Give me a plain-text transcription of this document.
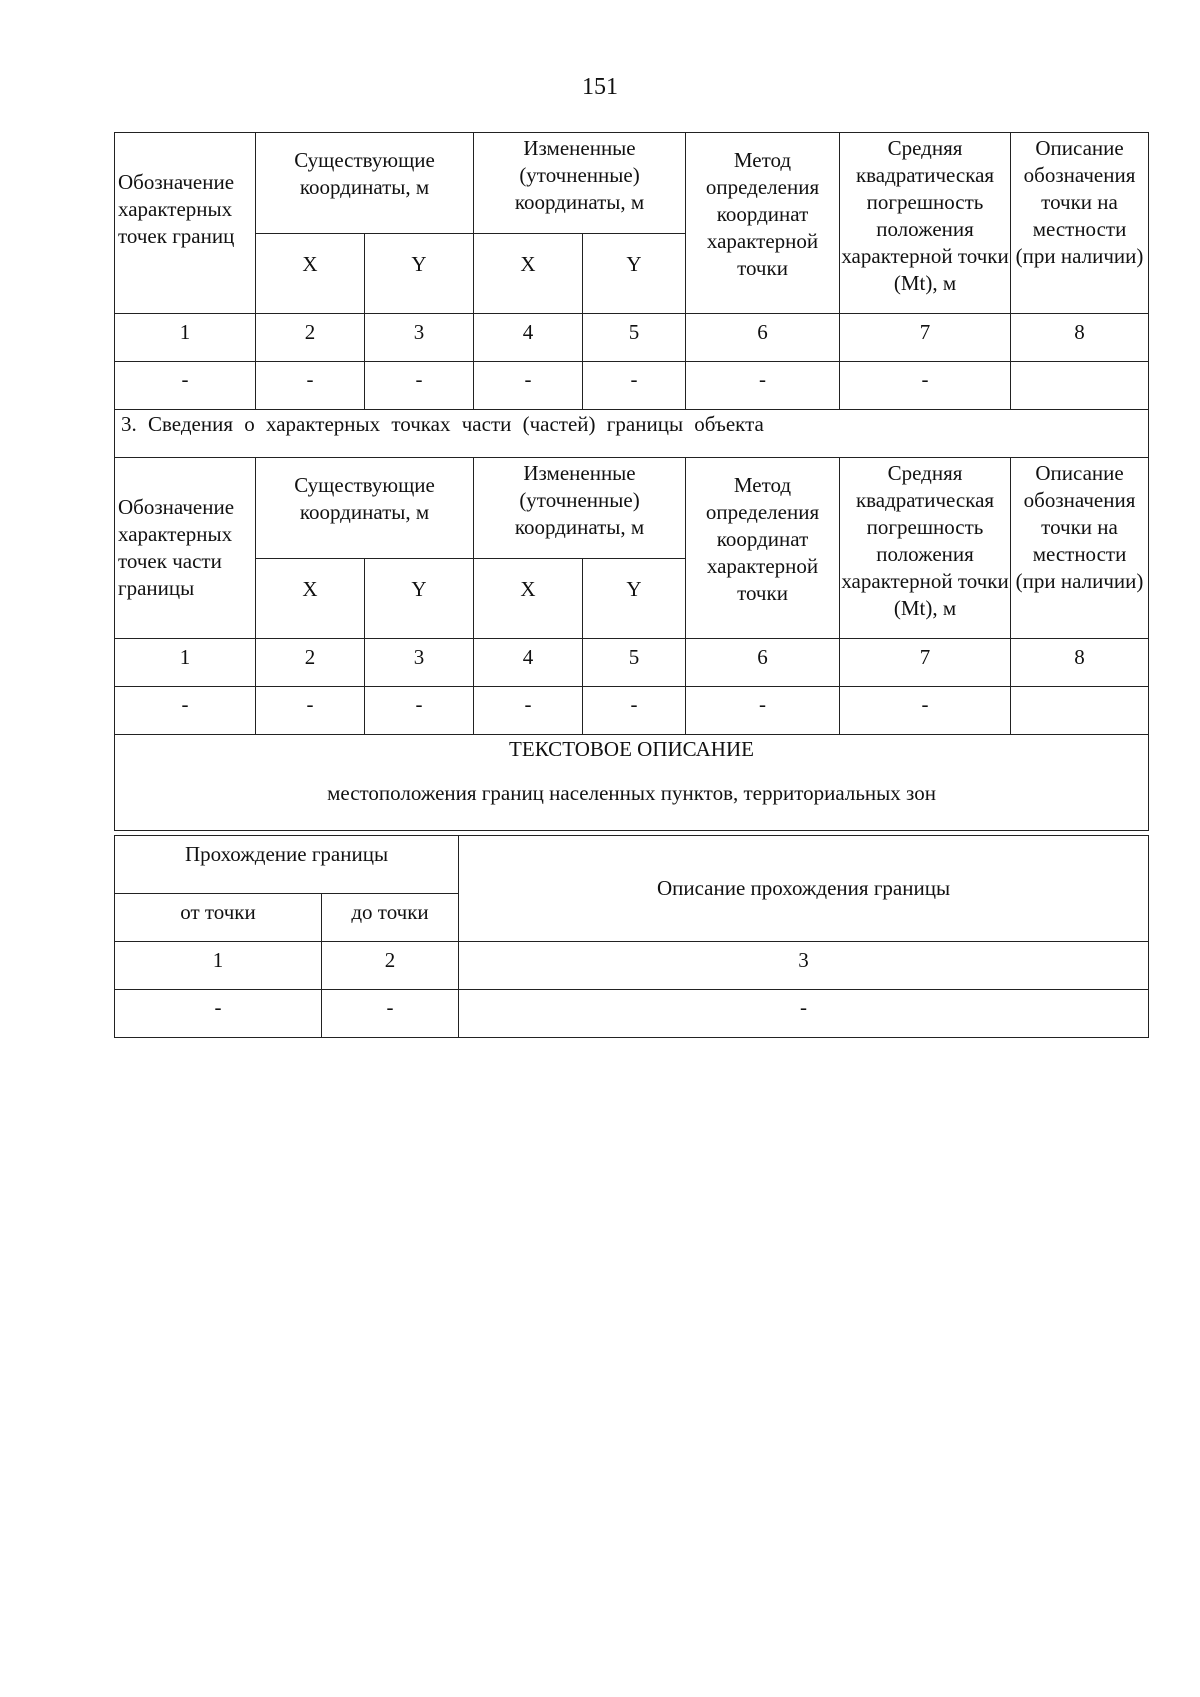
151
Обозначение характерных точек границ	Существующие координаты, м		Измененные (уточненные) координаты, м		Метод определения координат характерной точки	Средняя квадратическая погрешность положения характерной точки (Mt), м	Описание обозначения точки на местности (при наличии)
	X	Y	X	Y			
1	2	3	4	5	6	7	8
-	-	-	-	-	-	-	
3. Сведения о характерных точках части (частей) границы объекта							
Обозначение характерных точек части границы	Существующие координаты, м		Измененные (уточненные) координаты, м		Метод определения координат характерной точки	Средняя квадратическая погрешность положения характерной точки (Mt), м	Описание обозначения точки на местности (при наличии)
	X	Y	X	Y			
1	2	3	4	5	6	7	8
-	-	-	-	-	-	-	

ТЕКСТОВОЕ ОПИСАНИЕ
местоположения границ населенных пунктов, территориальных зон							
Прохождение границы		Описание прохождения границы
от точки	до точки	
1	2	3
-	-	-
